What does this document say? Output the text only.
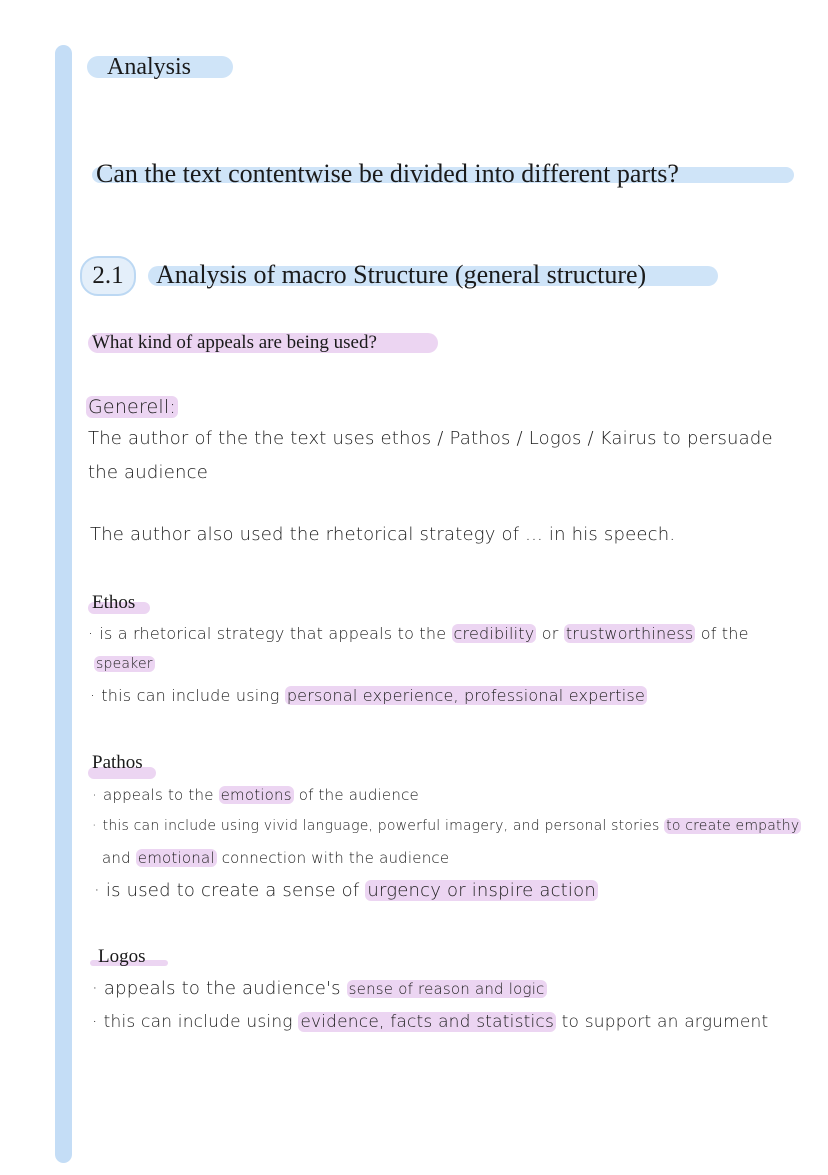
Analysis
Can the text contentwise be divided into different parts?
2.1	Analysis of macro Structure (general structure)
What kind of appeals are being used?
Generell:
The author of the the text uses ethos / Pathos / Logos / Kairus to persuade
the audience
The author also used the rhetorical strategy of ... in his speech.
Ethos
· is a rhetorical strategy that appeals to the credibility or trustworthiness of the
speaker
· this can include using personal experience, professional expertise
Pathos
· appeals to the emotions of the audience
· this can include using vivid language, powerful imagery, and personal stories to create empathy
and emotional connection with the audience
· is used to create a sense of urgency or inspire action
Logos
· appeals to the audience's sense of reason and logic
· this can include using evidence, facts and statistics to support an argument
